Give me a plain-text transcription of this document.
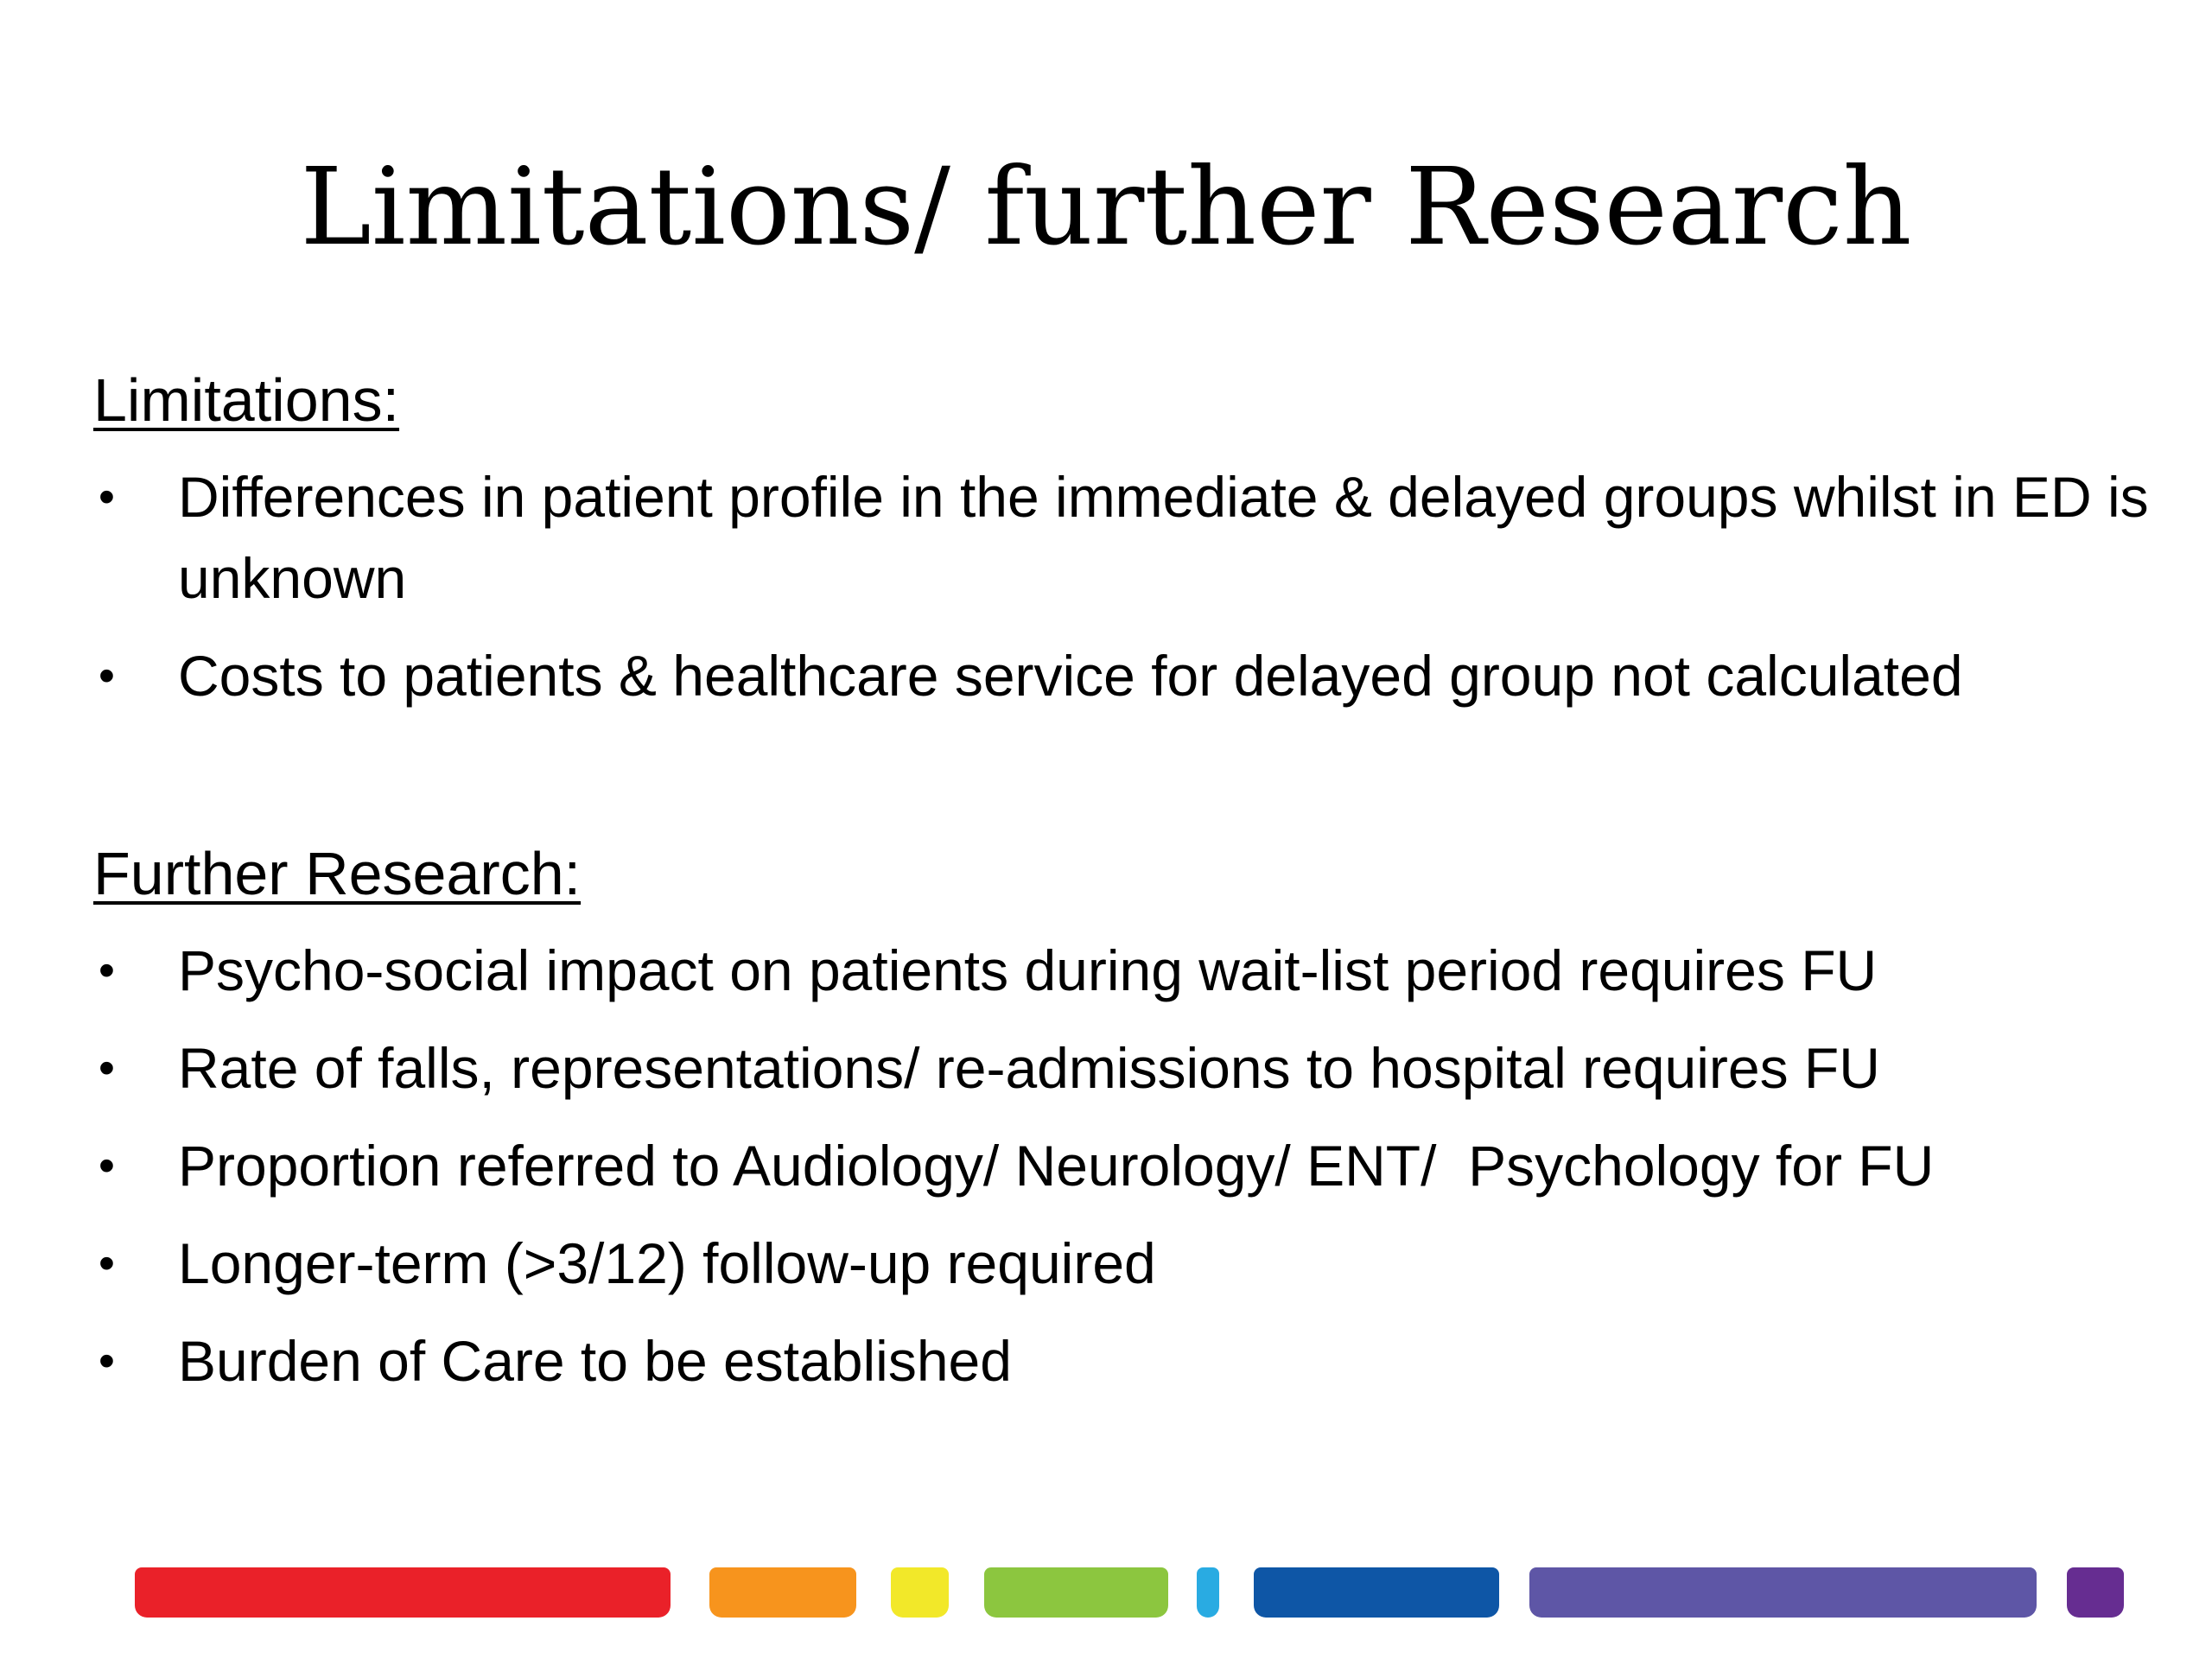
Limitations/ further Research
Limitations:
• Differences in patient profile in the immediate & delayed groups whilst in ED is unknown
• Costs to patients & healthcare service for delayed group not calculated
Further Research:
• Psycho-social impact on patients during wait-list period requires FU
• Rate of falls, representations/ re-admissions to hospital requires FU
• Proportion referred to Audiology/ Neurology/ ENT/  Psychology for FU
• Longer-term (>3/12) follow-up required
• Burden of Care to be established
